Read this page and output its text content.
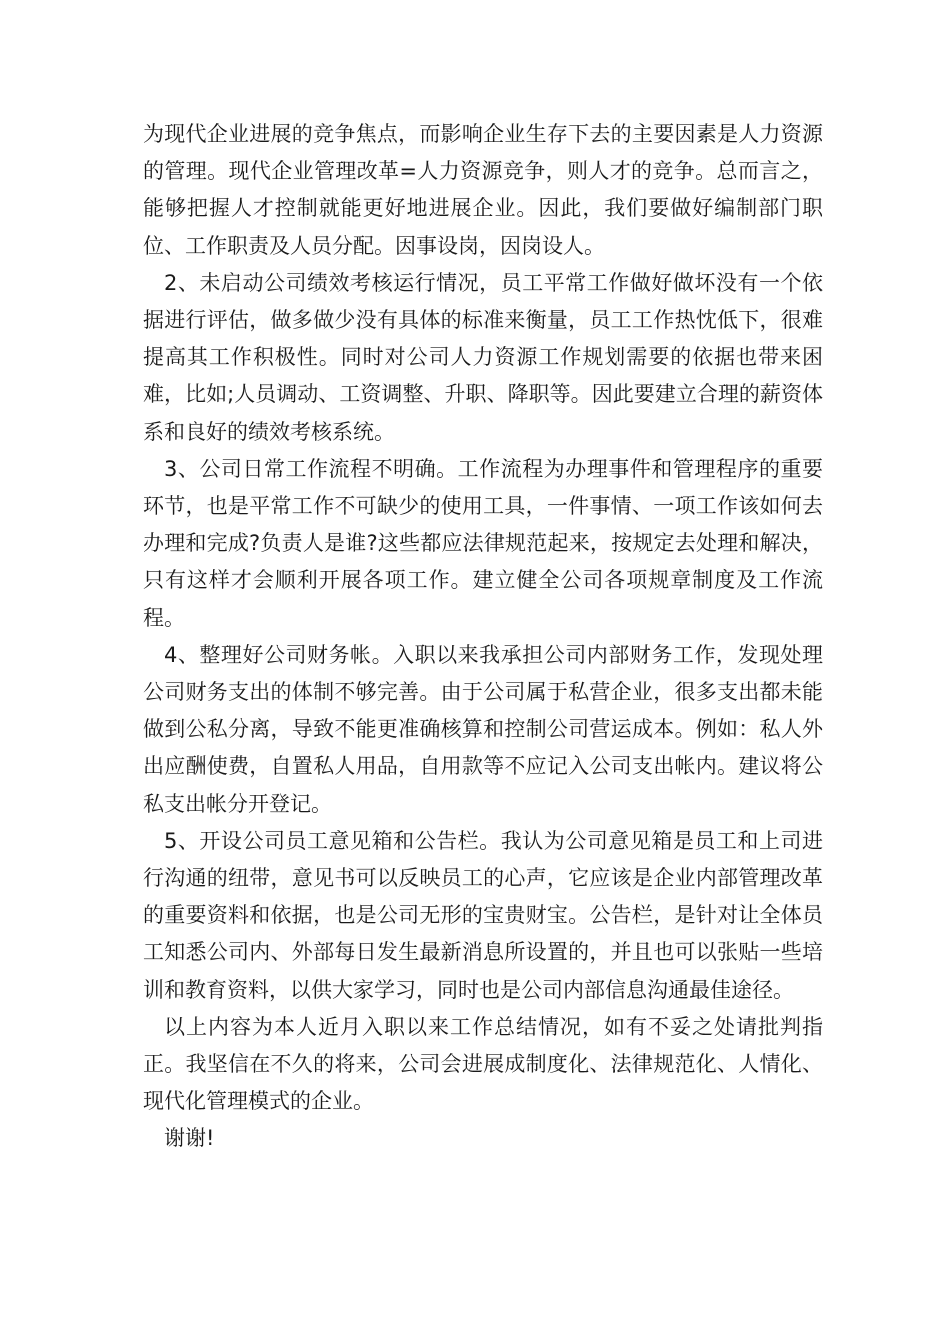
为现代企业进展的竞争焦点，而影响企业生存下去的主要因素是人力资源的管理。现代企业管理改革=人力资源竞争，则人才的竞争。总而言之，能够把握人才控制就能更好地进展企业。因此，我们要做好编制部门职位、工作职责及人员分配。因事设岗，因岗设人。

2、未启动公司绩效考核运行情况，员工平常工作做好做坏没有一个依据进行评估，做多做少没有具体的标准来衡量，员工工作热忱低下，很难提高其工作积极性。同时对公司人力资源工作规划需要的依据也带来困难，比如;人员调动、工资调整、升职、降职等。因此要建立合理的薪资体系和良好的绩效考核系统。

3、公司日常工作流程不明确。工作流程为办理事件和管理程序的重要环节，也是平常工作不可缺少的使用工具，一件事情、一项工作该如何去办理和完成?负责人是谁?这些都应法律规范起来，按规定去处理和解决，只有这样才会顺利开展各项工作。建立健全公司各项规章制度及工作流程。

4、整理好公司财务帐。入职以来我承担公司内部财务工作，发现处理公司财务支出的体制不够完善。由于公司属于私营企业，很多支出都未能做到公私分离，导致不能更准确核算和控制公司营运成本。例如：私人外出应酬使费，自置私人用品，自用款等不应记入公司支出帐内。建议将公私支出帐分开登记。

5、开设公司员工意见箱和公告栏。我认为公司意见箱是员工和上司进行沟通的纽带，意见书可以反映员工的心声，它应该是企业内部管理改革的重要资料和依据，也是公司无形的宝贵财宝。公告栏，是针对让全体员工知悉公司内、外部每日发生最新消息所设置的，并且也可以张贴一些培训和教育资料，以供大家学习，同时也是公司内部信息沟通最佳途径。

以上内容为本人近月入职以来工作总结情况，如有不妥之处请批判指正。我坚信在不久的将来，公司会进展成制度化、法律规范化、人情化、现代化管理模式的企业。

谢谢!
